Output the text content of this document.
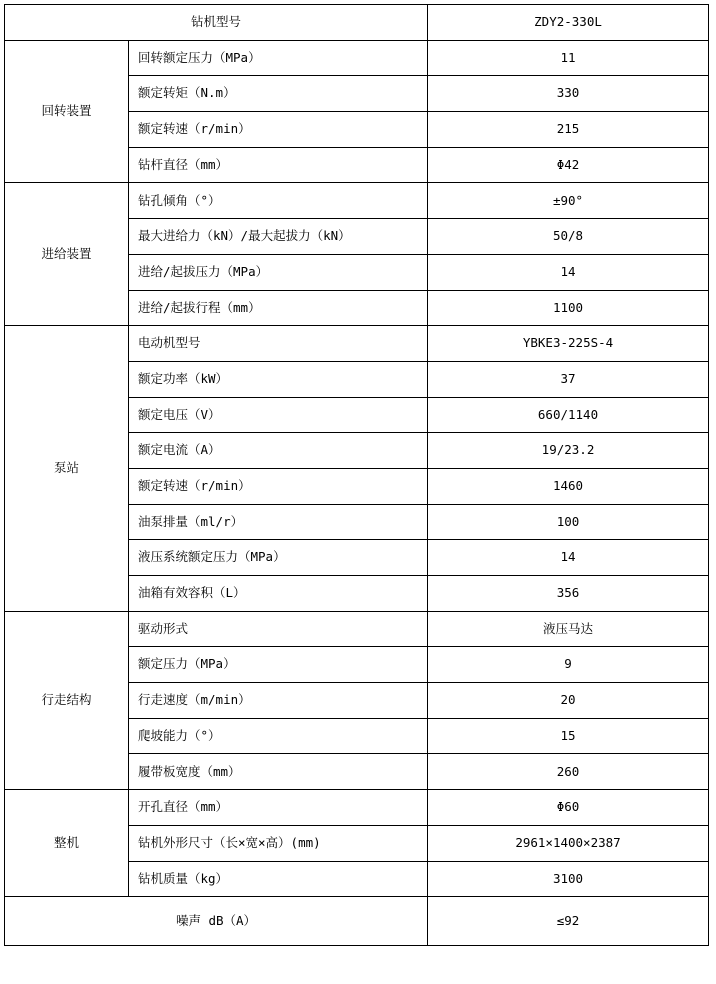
钻机型号		ZDY2-330L
回转装置	回转额定压力（MPa）	11
	额定转矩（N.m）	330
	额定转速（r/min）	215
	钻杆直径（mm）	Φ42
进给装置	钻孔倾角（°）	±90°
	最大进给力（kN）/最大起拔力（kN）	50/8
	进给/起拔压力（MPa）	14
	进给/起拔行程（mm）	1100
泵站	电动机型号	YBKE3-225S-4
	额定功率（kW）	37
	额定电压（V）	660/1140
	额定电流（A）	19/23.2
	额定转速（r/min）	1460
	油泵排量（ml/r）	100
	液压系统额定压力（MPa）	14
	油箱有效容积（L）	356
行走结构	驱动形式	液压马达
	额定压力（MPa）	9
	行走速度（m/min）	20
	爬坡能力（°）	15
	履带板宽度（mm）	260
整机	开孔直径（mm）	Φ60
	钻机外形尺寸（长×宽×高）(mm)	2961×1400×2387
	钻机质量（kg）	3100
噪声 dB（A）		≤92
